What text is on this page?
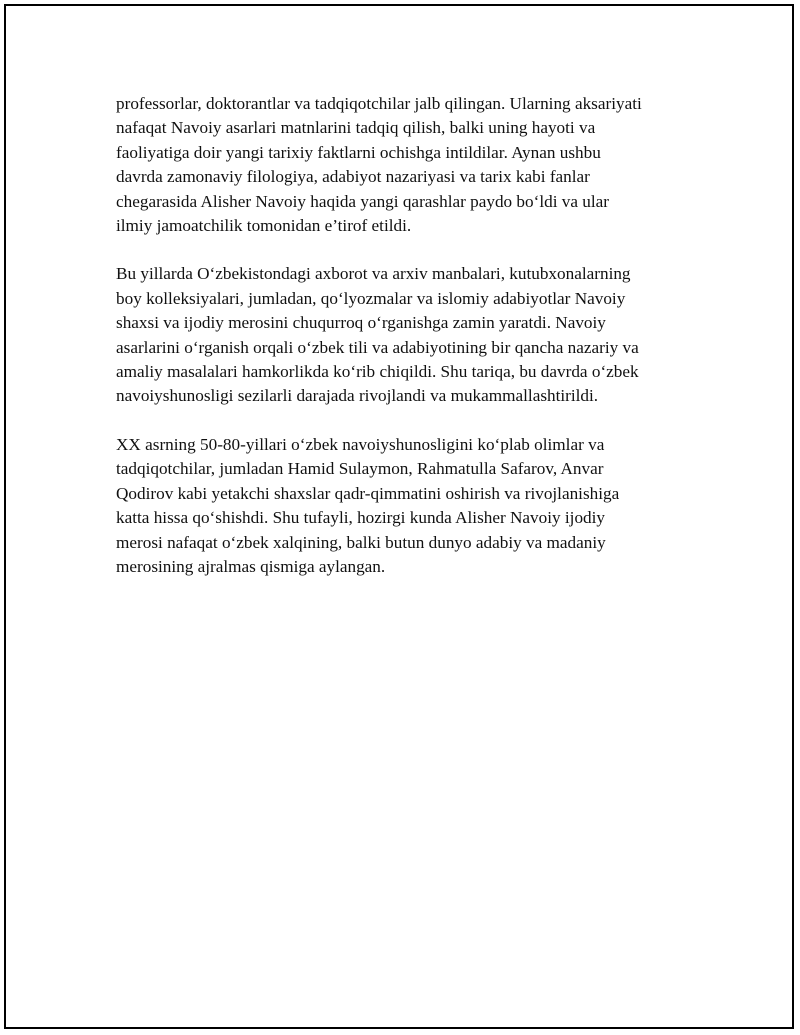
professorlar, doktorantlar va tadqiqotchilar jalb qilingan. Ularning aksariyati
nafaqat Navoiy asarlari matnlarini tadqiq qilish, balki uning hayoti va
faoliyatiga doir yangi tarixiy faktlarni ochishga intildilar. Aynan ushbu
davrda zamonaviy filologiya, adabiyot nazariyasi va tarix kabi fanlar
chegarasida Alisher Navoiy haqida yangi qarashlar paydo bo‘ldi va ular
ilmiy jamoatchilik tomonidan e’tirof etildi.

Bu yillarda O‘zbekistondagi axborot va arxiv manbalari, kutubxonalarning
boy kolleksiyalari, jumladan, qo‘lyozmalar va islomiy adabiyotlar Navoiy
shaxsi va ijodiy merosini chuqurroq o‘rganishga zamin yaratdi. Navoiy
asarlarini o‘rganish orqali o‘zbek tili va adabiyotining bir qancha nazariy va
amaliy masalalari hamkorlikda ko‘rib chiqildi. Shu tariqa, bu davrda o‘zbek
navoiyshunosligi sezilarli darajada rivojlandi va mukammallashtirildi.

XX asrning 50-80-yillari o‘zbek navoiyshunosligini ko‘plab olimlar va
tadqiqotchilar, jumladan Hamid Sulaymon, Rahmatulla Safarov, Anvar
Qodirov kabi yetakchi shaxslar qadr-qimmatini oshirish va rivojlanishiga
katta hissa qo‘shishdi. Shu tufayli, hozirgi kunda Alisher Navoiy ijodiy
merosi nafaqat o‘zbek xalqining, balki butun dunyo adabiy va madaniy
merosining ajralmas qismiga aylangan.
